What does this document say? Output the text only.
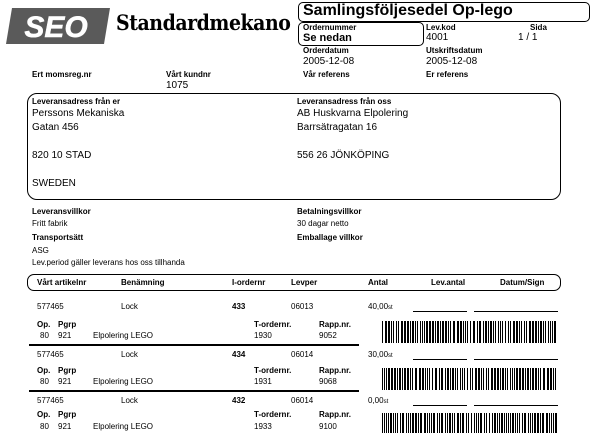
SEO Standardmekano Samlingsföljesedel Op-lego
Ordernummer
Se nedan
Lev.kod
4001
Sida
1 / 1
Orderdatum
2005-12-08
Utskriftsdatum
2005-12-08
Vår referens	Er referens
Ert momsreg.nr	Vårt kundnr
1075
Leveransadress från er
Perssons Mekaniska
Gatan 456
820 10 STAD
SWEDEN
Leveransadress från oss
AB Huskvarna Elpolering
Barrsätragatan 16
556 26 JÖNKÖPING
Leveransvillkor
Fritt fabrik
Transportsätt
ASG
Lev.period gäller leverans hos oss tillhanda
Betalningsvillkor
30 dagar netto
Emballage villkor
Vårt artikelnr	Benämning	I-ordernr	Levper	Antal	Lev.antal	Datum/Sign
577465	Lock	433	06013	40,00st
Op. Pgrp	T-ordernr.	Rapp.nr.
80 921	Elpolering LEGO	1930	9052
577465	Lock	434	06014	30,00st
Op. Pgrp	T-ordernr.	Rapp.nr.
80 921	Elpolering LEGO	1931	9068
577465	Lock	432	06014	0,00st
Op. Pgrp	T-ordernr.	Rapp.nr.
80 921	Elpolering LEGO	1933	9100
